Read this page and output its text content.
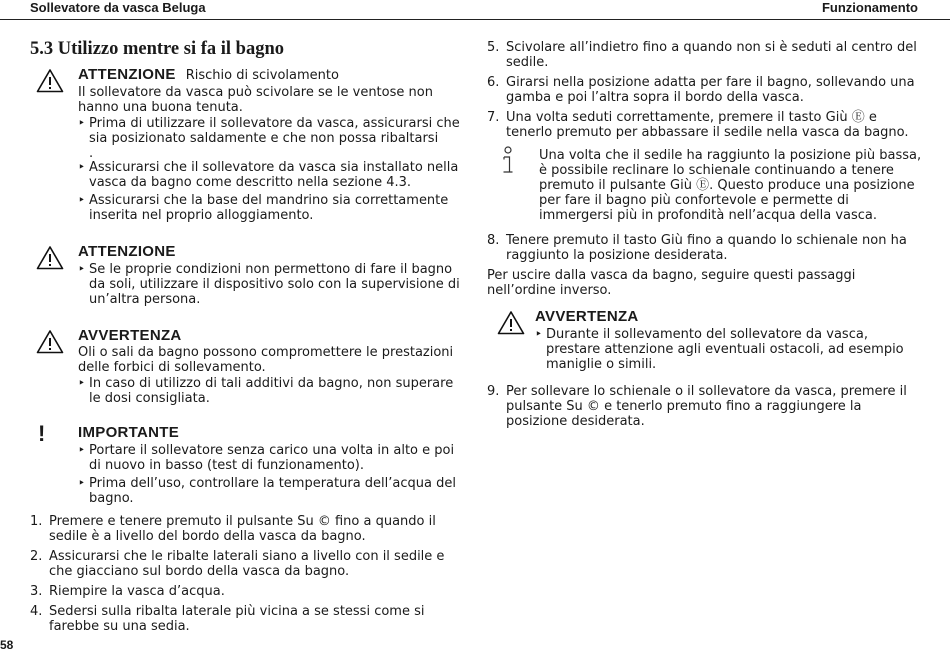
Sollevatore da vasca Beluga	Funzionamento
5.3 Utilizzo mentre si fa il bagno
ATTENZIONE Rischio di scivolamento

Il sollevatore da vasca può scivolare se le ventose non hanno una buona tenuta.

‣ Prima di utilizzare il sollevatore da vasca, assicurarsi che sia posizionato saldamente e che non possa ribaltarsi
.
‣ Assicurarsi che il sollevatore da vasca sia installato nella vasca da bagno come descritto nella sezione 4.3.
‣ Assicurarsi che la base del mandrino sia correttamente inserita nel proprio alloggiamento.
ATTENZIONE
‣ Se le proprie condizioni non permettono di fare il bagno da soli, utilizzare il dispositivo solo con la supervisione di un’altra persona.
AVVERTENZA

Oli o sali da bagno possono compromettere le prestazioni delle forbici di sollevamento.

‣ In caso di utilizzo di tali additivi da bagno, non superare le dosi consigliata.
! IMPORTANTE
‣ Portare il sollevatore senza carico una volta in alto e poi di nuovo in basso (test di funzionamento).
‣ Prima dell’uso, controllare la temperatura dell’acqua del bagno.
1. Premere e tenere premuto il pulsante Su © fino a quando il sedile è a livello del bordo della vasca da bagno.
2. Assicurarsi che le ribalte laterali siano a livello con il sedile e che giacciano sul bordo della vasca da bagno.
3. Riempire la vasca d’acqua.
4. Sedersi sulla ribalta laterale più vicina a se stessi come si farebbe su una sedia.
5. Scivolare all’indietro fino a quando non si è seduti al centro del sedile.
6. Girarsi nella posizione adatta per fare il bagno, sollevando una gamba e poi l’altra sopra il bordo della vasca.
7. Una volta seduti correttamente, premere il tasto Giù Ⓔ e tenerlo premuto per abbassare il sedile nella vasca da bagno.

Una volta che il sedile ha raggiunto la posizione più bassa, è possibile reclinare lo schienale continuando a tenere premuto il pulsante Giù Ⓔ. Questo produce una posizione per fare il bagno più confortevole e permette di immergersi più in profondità nell’acqua della vasca.

8. Tenere premuto il tasto Giù fino a quando lo schienale non ha raggiunto la posizione desiderata.

Per uscire dalla vasca da bagno, seguire questi passaggi nell’ordine inverso.

AVVERTENZA
‣ Durante il sollevamento del sollevatore da vasca, prestare attenzione agli eventuali ostacoli, ad esempio maniglie o simili.
9. Per sollevare lo schienale o il sollevatore da vasca, premere il pulsante Su © e tenerlo premuto fino a raggiungere la posizione desiderata.
58
